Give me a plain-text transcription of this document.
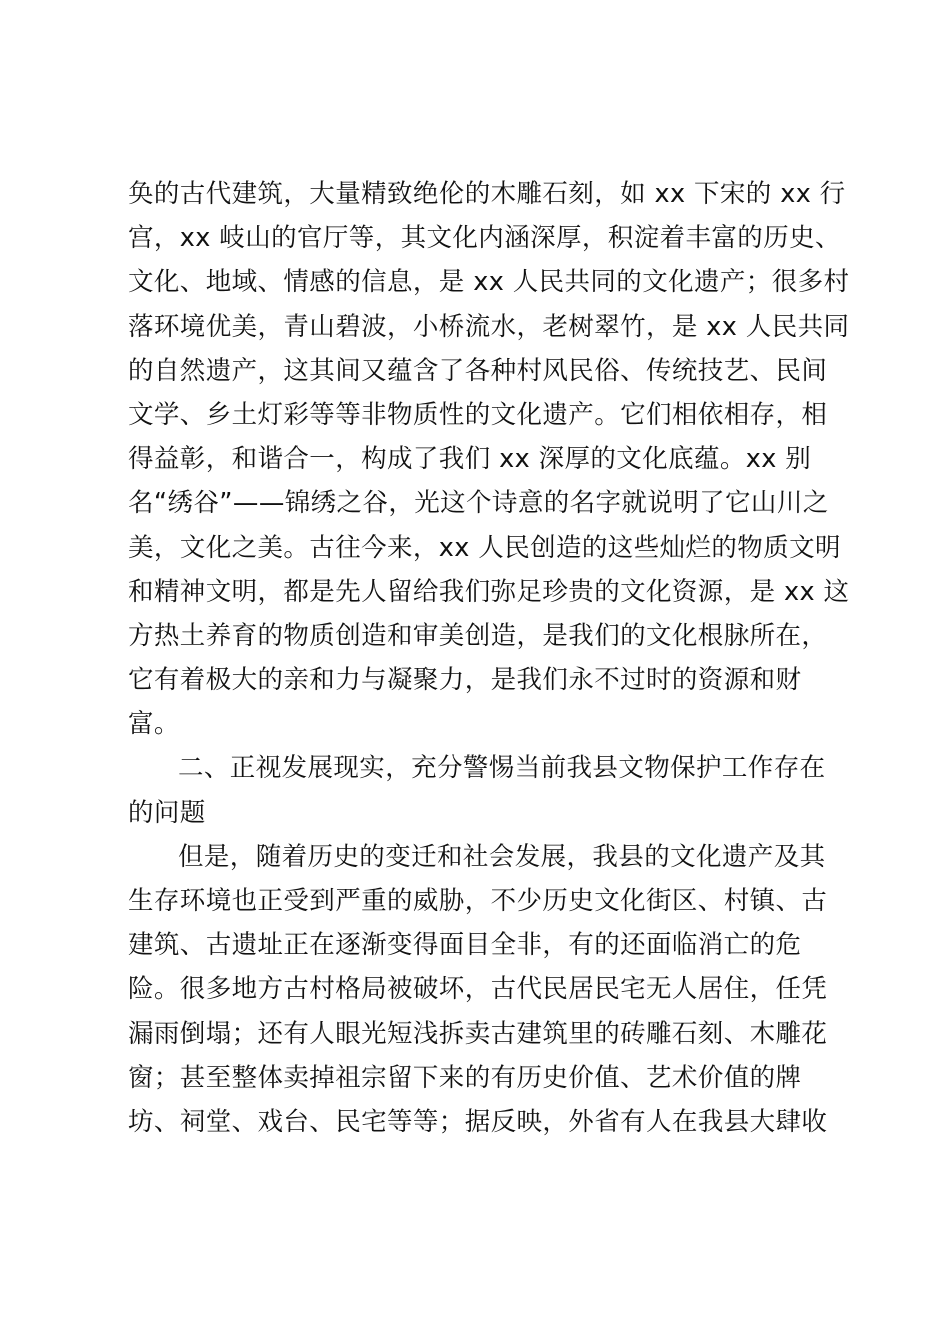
奂的古代建筑，大量精致绝伦的木雕石刻，如 xx 下宋的 xx 行
宫，xx 岐山的官厅等，其文化内涵深厚，积淀着丰富的历史、
文化、地域、情感的信息，是 xx 人民共同的文化遗产；很多村
落环境优美，青山碧波，小桥流水，老树翠竹，是 xx 人民共同
的自然遗产，这其间又蕴含了各种村风民俗、传统技艺、民间
文学、乡土灯彩等等非物质性的文化遗产。它们相依相存，相
得益彰，和谐合一，构成了我们 xx 深厚的文化底蕴。xx 别
名“绣谷”——锦绣之谷，光这个诗意的名字就说明了它山川之
美，文化之美。古往今来，xx 人民创造的这些灿烂的物质文明
和精神文明，都是先人留给我们弥足珍贵的文化资源，是 xx 这
方热土养育的物质创造和审美创造，是我们的文化根脉所在，
它有着极大的亲和力与凝聚力，是我们永不过时的资源和财
富。
二、正视发展现实，充分警惕当前我县文物保护工作存在
的问题
但是，随着历史的变迁和社会发展，我县的文化遗产及其
生存环境也正受到严重的威胁，不少历史文化街区、村镇、古
建筑、古遗址正在逐渐变得面目全非，有的还面临消亡的危
险。很多地方古村格局被破坏，古代民居民宅无人居住，任凭
漏雨倒塌；还有人眼光短浅拆卖古建筑里的砖雕石刻、木雕花
窗；甚至整体卖掉祖宗留下来的有历史价值、艺术价值的牌
坊、祠堂、戏台、民宅等等；据反映，外省有人在我县大肆收
